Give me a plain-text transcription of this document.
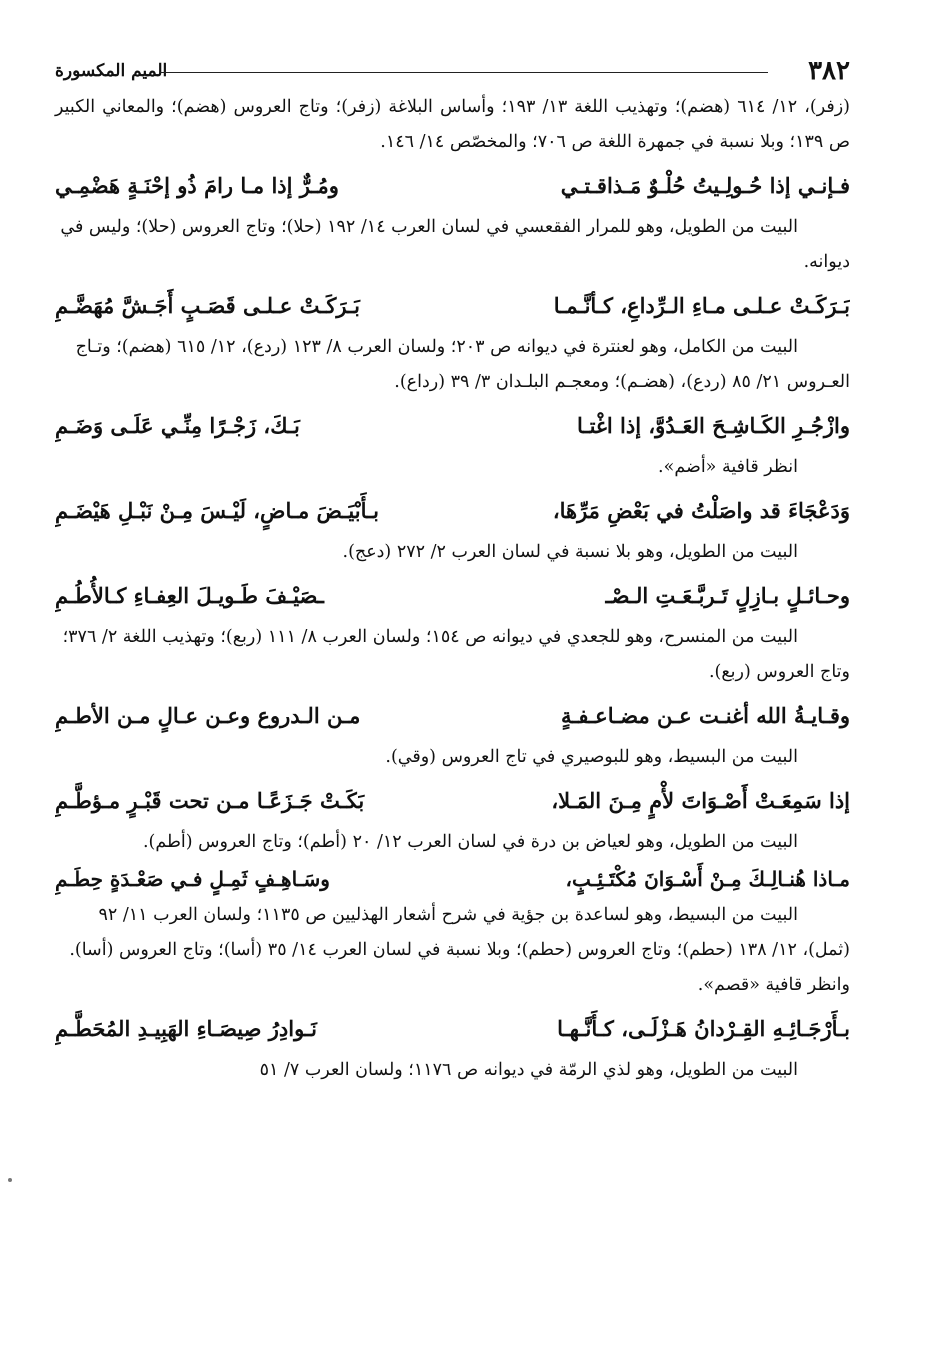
٣٨٢
الميم المكسورة

(زفر)، ١٢/ ٦١٤ (هضم)؛ وتهذيب اللغة ١٣/ ١٩٣؛ وأساس البلاغة (زفر)؛ وتاج العروس (هضم)؛ والمعاني الكبير ص ١٣٩؛ وبلا نسبة في جمهرة اللغة ص ٧٠٦؛ والمخصّص ١٤/ ١٤٦.

فـإنـي إذا حُـولِـيتُ حُلْـوٌ مَـذاقـتـي
ومُـرٌّ إذا مـا رامَ ذُو إحْنَـةٍ هَضْمِـي

البيت من الطويل، وهو للمرار الفقعسي في لسان العرب ١٤/ ١٩٢ (حلا)؛ وتاج العروس (حلا)؛ وليس في ديوانه.

بَـرَكَـتْ عـلـى مـاءِ الـرِّداعِ، كـأنَّـمـا
بَـرَكَـتْ عـلـى قَصَـبٍ أَجَـشَّ مُهَضَّـمِ

البيت من الكامل، وهو لعنترة في ديوانه ص ٢٠٣؛ ولسان العرب ٨/ ١٢٣ (ردع)، ١٢/ ٦١٥ (هضم)؛ وتـاج العـروس ٢١/ ٨٥ (ردع)، (هضـم)؛ ومعجـم البلـدان ٣/ ٣٩ (رداع).

وازْجُـرِ الكَـاشِـحَ العَـدُوَّ، إذا اغْتـا
بَـكَ، زَجْـرًا مِنِّـي عَلَـى وَضَـمِ

انظر قافية «أضم».

وَدَعْجَاءَ قد واصَلْتُ في بَعْضِ مَرِّهَا،
بـأَبْيَـضَ مـاضٍ، لَيْـسَ مِـنْ نَبْـلِ هَيْضَـمِ

البيت من الطويل، وهو بلا نسبة في لسان العرب ٢/ ٢٧٢ (دعج).

وحـائـلٍ بـازِلٍ تَـربَّـعَـتِ الـصْـ
ـصَيْـفَ طَـويـلَ العِفـاءِ كـالأُطُـمِ

البيت من المنسرح، وهو للجعدي في ديوانه ص ١٥٤؛ ولسان العرب ٨/ ١١١ (ربع)؛ وتهذيب اللغة ٢/ ٣٧٦؛ وتاج العروس (ربع).

وقـايـةُ الله أغنـت عـن مضـاعـفـةٍ
مـن الـدروع وعـن عـالٍ مـن الأطـمِ

البيت من البسيط، وهو للبوصيري في تاج العروس (وقي).

إذا سَمِعَـتْ أَصْـوَاتَ لأْمٍ مِـنَ المَـلا،
بَكَـتْ جَـزَعًـا مـن تحت قَبْـرٍ مـؤطَّـمِ

البيت من الطويل، وهو لعياض بن درة في لسان العرب ١٢/ ٢٠ (أطم)؛ وتاج العروس (أطم).

مـاذا هُنـالِـكَ مِـنْ أَسْـوَانَ مُكْتَـئِـبٍ،
وسَـاهِـفٍ ثَمِـلٍ فـي صَعْـدَةٍ حِطَـمِ

البيت من البسيط، وهو لساعدة بن جؤية في شرح أشعار الهذليين ص ١١٣٥؛ ولسان العرب ١١/ ٩٢ (ثمل)، ١٢/ ١٣٨ (حطم)؛ وتاج العروس (حطم)؛ وبلا نسبة في لسان العرب ١٤/ ٣٥ (أسا)؛ وتاج العروس (أسا). وانظر قافية «قصم».

بـأَرْجَـائِـهِ القِـرْدانُ هَـزْلَـى، كـأَنَّـهـا
نَـوادِرُ صِيصَـاءِ الهَبِيـدِ المُحَطَّـمِ

البيت من الطويل، وهو لذي الرمّة في ديوانه ص ١١٧٦؛ ولسان العرب ٧/ ٥١
